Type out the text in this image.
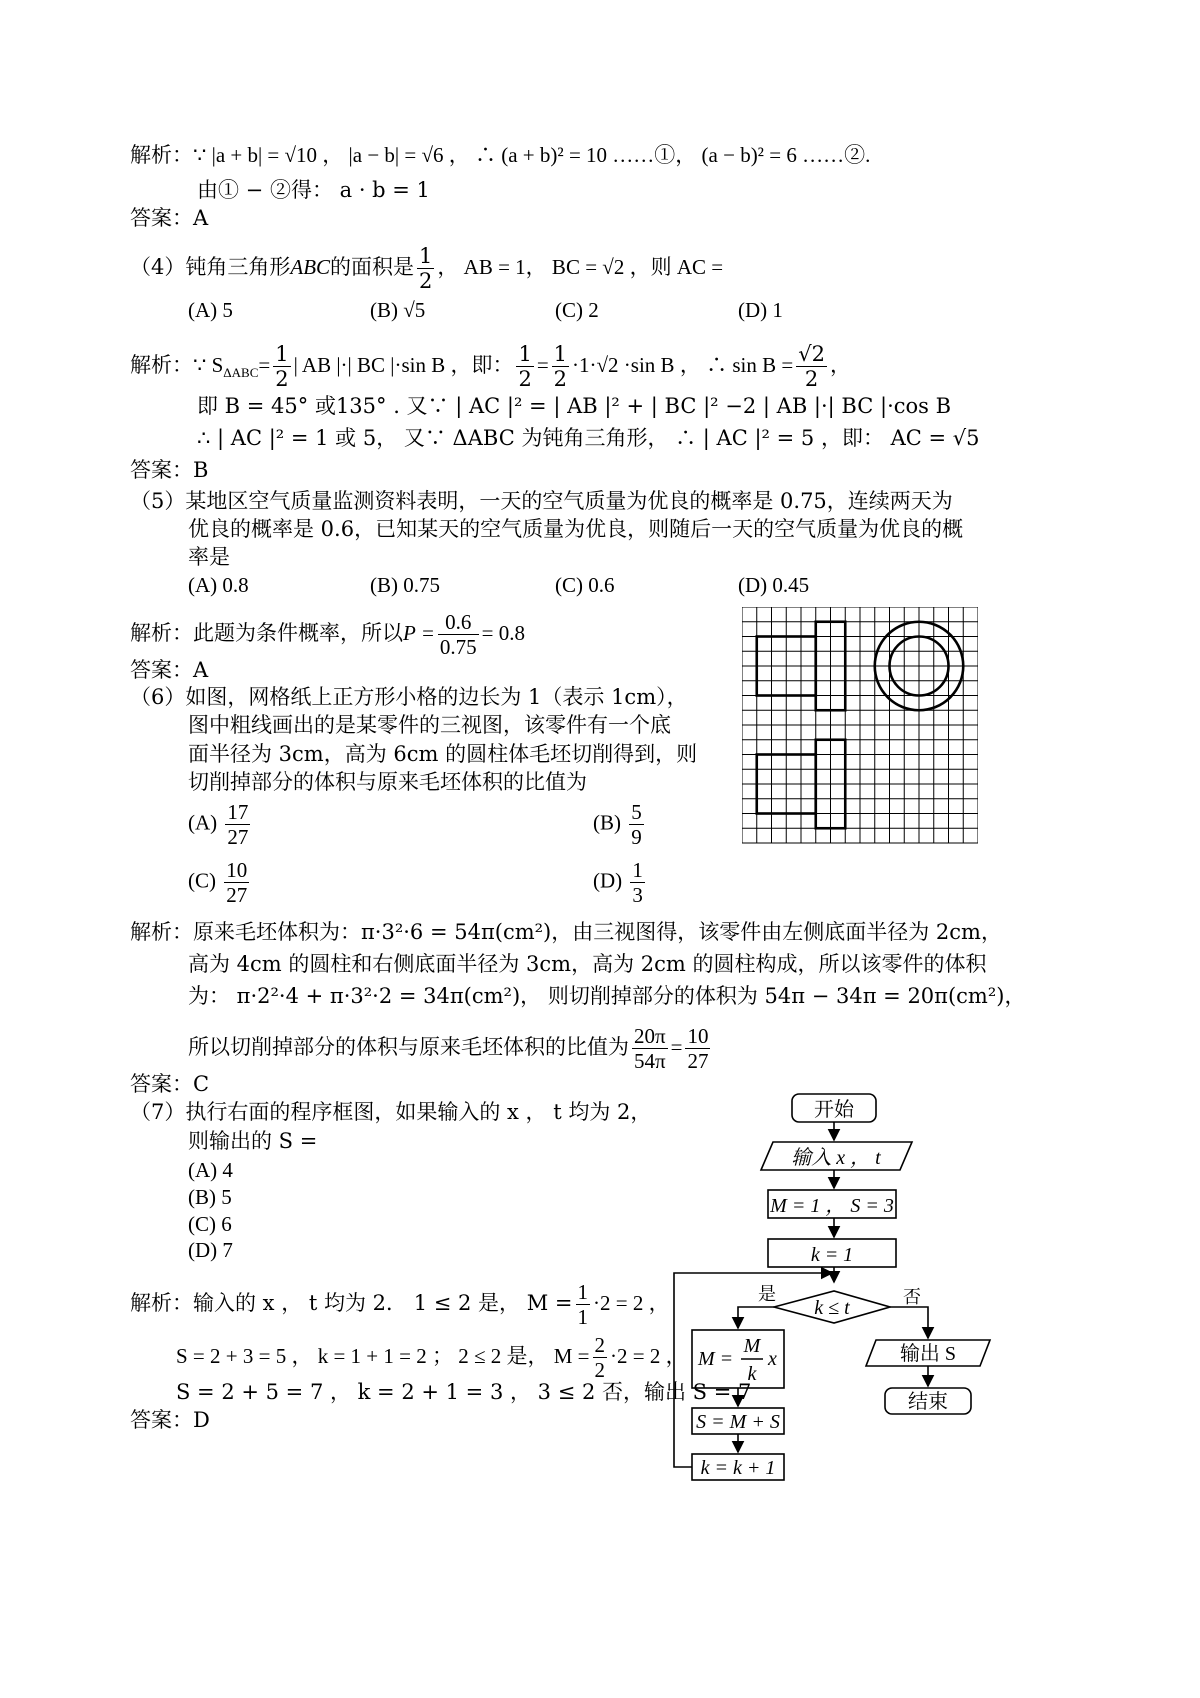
解析：∵ |a + b| = √10 ， |a − b| = √6 ， ∴ (a + b)² = 10 ……①， (a − b)² = 6 ……②.
由① − ②得： a · b = 1
答案：A
（4）钝角三角形ABC的面积是 $\frac{1}{2}$ ， AB = 1， BC = √2 ，则 AC =
(A) 5	(B) √5	(C) 2	(D) 1
解析：∵ $S_{\Delta ABC}= \frac{1}{2}$ | AB |·| BC |·sin B ，即： $\frac{1}{2} = \frac{1}{2} \cdot 1\cdot√2 \cdot\sin$ B ， ∴ $\sin B = \frac{√2}{2}$ ，
即 B = 45° 或135° . 又∵ | AC |² = | AB |² + | BC |² −2 | AB |·| BC |·cos B
∴ | AC |² = 1 或 5， 又∵ ΔABC 为钝角三角形， ∴ | AC |² = 5 ，即： AC = √5
答案：B
（5）某地区空气质量监测资料表明，一天的空气质量为优良的概率是 0.75，连续两天为
优良的概率是 0.6，已知某天的空气质量为优良，则随后一天的空气质量为优良的概
率是
(A) 0.8	(B) 0.75	(C) 0.6	(D) 0.45
解析：此题为条件概率，所以$P = \frac{0.6}{0.75} = 0.8$
答案：A
（6）如图，网格纸上正方形小格的边长为 1（表示 1cm），
图中粗线画出的是某零件的三视图，该零件有一个底
面半径为 3cm，高为 6cm 的圆柱体毛坯切削得到，则
切削掉部分的体积与原来毛坯体积的比值为
$(A) \frac{17}{27}$	$(B) \frac{5}{9}$
$(C) \frac{10}{27}$	$(D) \frac{1}{3}$
解析：原来毛坯体积为：π·3²·6 = 54π(cm²)，由三视图得，该零件由左侧底面半径为 2cm，
高为 4cm 的圆柱和右侧底面半径为 3cm，高为 2cm 的圆柱构成，所以该零件的体积
为： π·2²·4 + π·3²·2 = 34π(cm²)， 则切削掉部分的体积为 54π − 34π = 20π(cm²)，
所以切削掉部分的体积与原来毛坯体积的比值为 $\frac{20\pi}{54\pi} = \frac{10}{27}$
答案：C
（7）执行右面的程序框图，如果输入的 x ， t 均为 2，
则输出的 S =
(A) 4
(B) 5
(C) 6
(D) 7
解析：输入的 x ， t 均为 2． 1 ≤ 2 是， $M = \frac{1}{1} \cdot 2 = 2$ ，
S = 2 + 3 = 5 ， k = 1 + 1 = 2 ； 2 ≤ 2 是， $M = \frac{2}{2} \cdot 2 = 2$ ，
S = 2 + 5 = 7 ， k = 2 + 1 = 3 ， 3 ≤ 2 否，输出 S = 7
答案：D
开始
输入 x ， t
M = 1 ， S = 3
k = 1
k ≤ t
是	否
M =
M
k
x
S = M + S
k = k + 1
输出 S
结束
